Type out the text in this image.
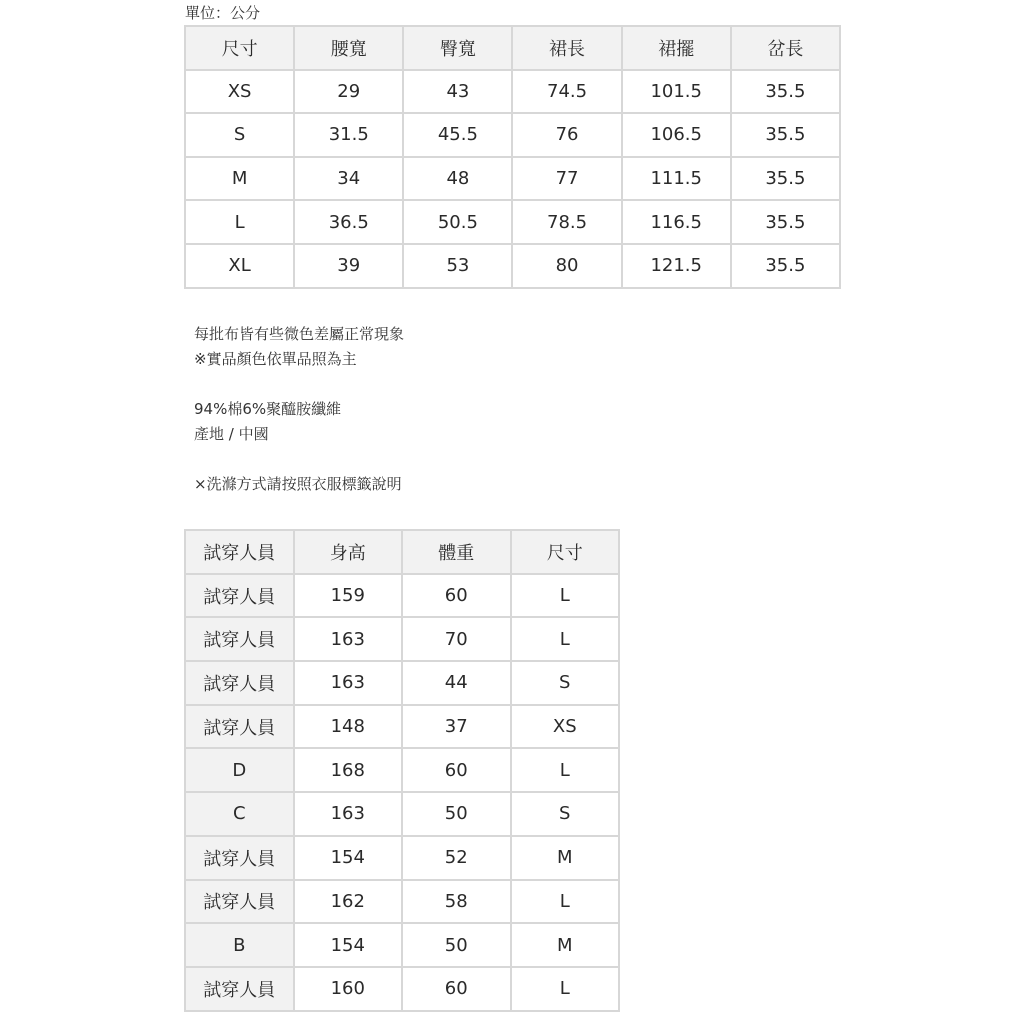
單位：公分
尺寸	腰寬	臀寬	裙長	裙擺	岔長
XS	29	43	74.5	101.5	35.5
S	31.5	45.5	76	106.5	35.5
M	34	48	77	111.5	35.5
L	36.5	50.5	78.5	116.5	35.5
XL	39	53	80	121.5	35.5
每批布皆有些微色差屬正常現象
※實品顏色依單品照為主
94%棉6%聚醯胺纖維
產地 / 中國
×洗滌方式請按照衣服標籤說明
試穿人員	身高	體重	尺寸
試穿人員	159	60	L
試穿人員	163	70	L
試穿人員	163	44	S
試穿人員	148	37	XS
D	168	60	L
C	163	50	S
試穿人員	154	52	M
試穿人員	162	58	L
B	154	50	M
試穿人員	160	60	L
